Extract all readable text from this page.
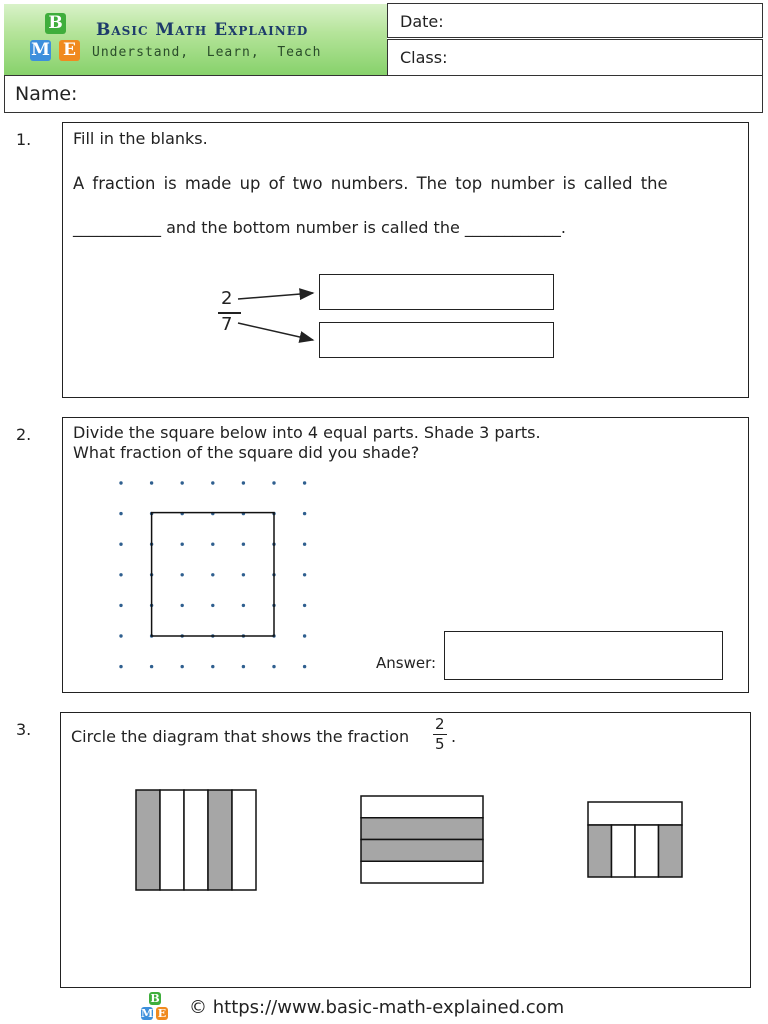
B
M E
Basic Math Explained
Understand,  Learn,  Teach
Date:
Class:
Name:
1.	Fill in the blanks.
A fraction is made up of two numbers. The top number is called the
___________ and the bottom number is called the ____________.
2
7
2.	Divide the square below into 4 equal parts. Shade 3 parts.
What fraction of the square did you shade?
Answer:
3. Circle the diagram that shows the fraction
2
5 .
B
M E © https://www.basic-math-explained.com
